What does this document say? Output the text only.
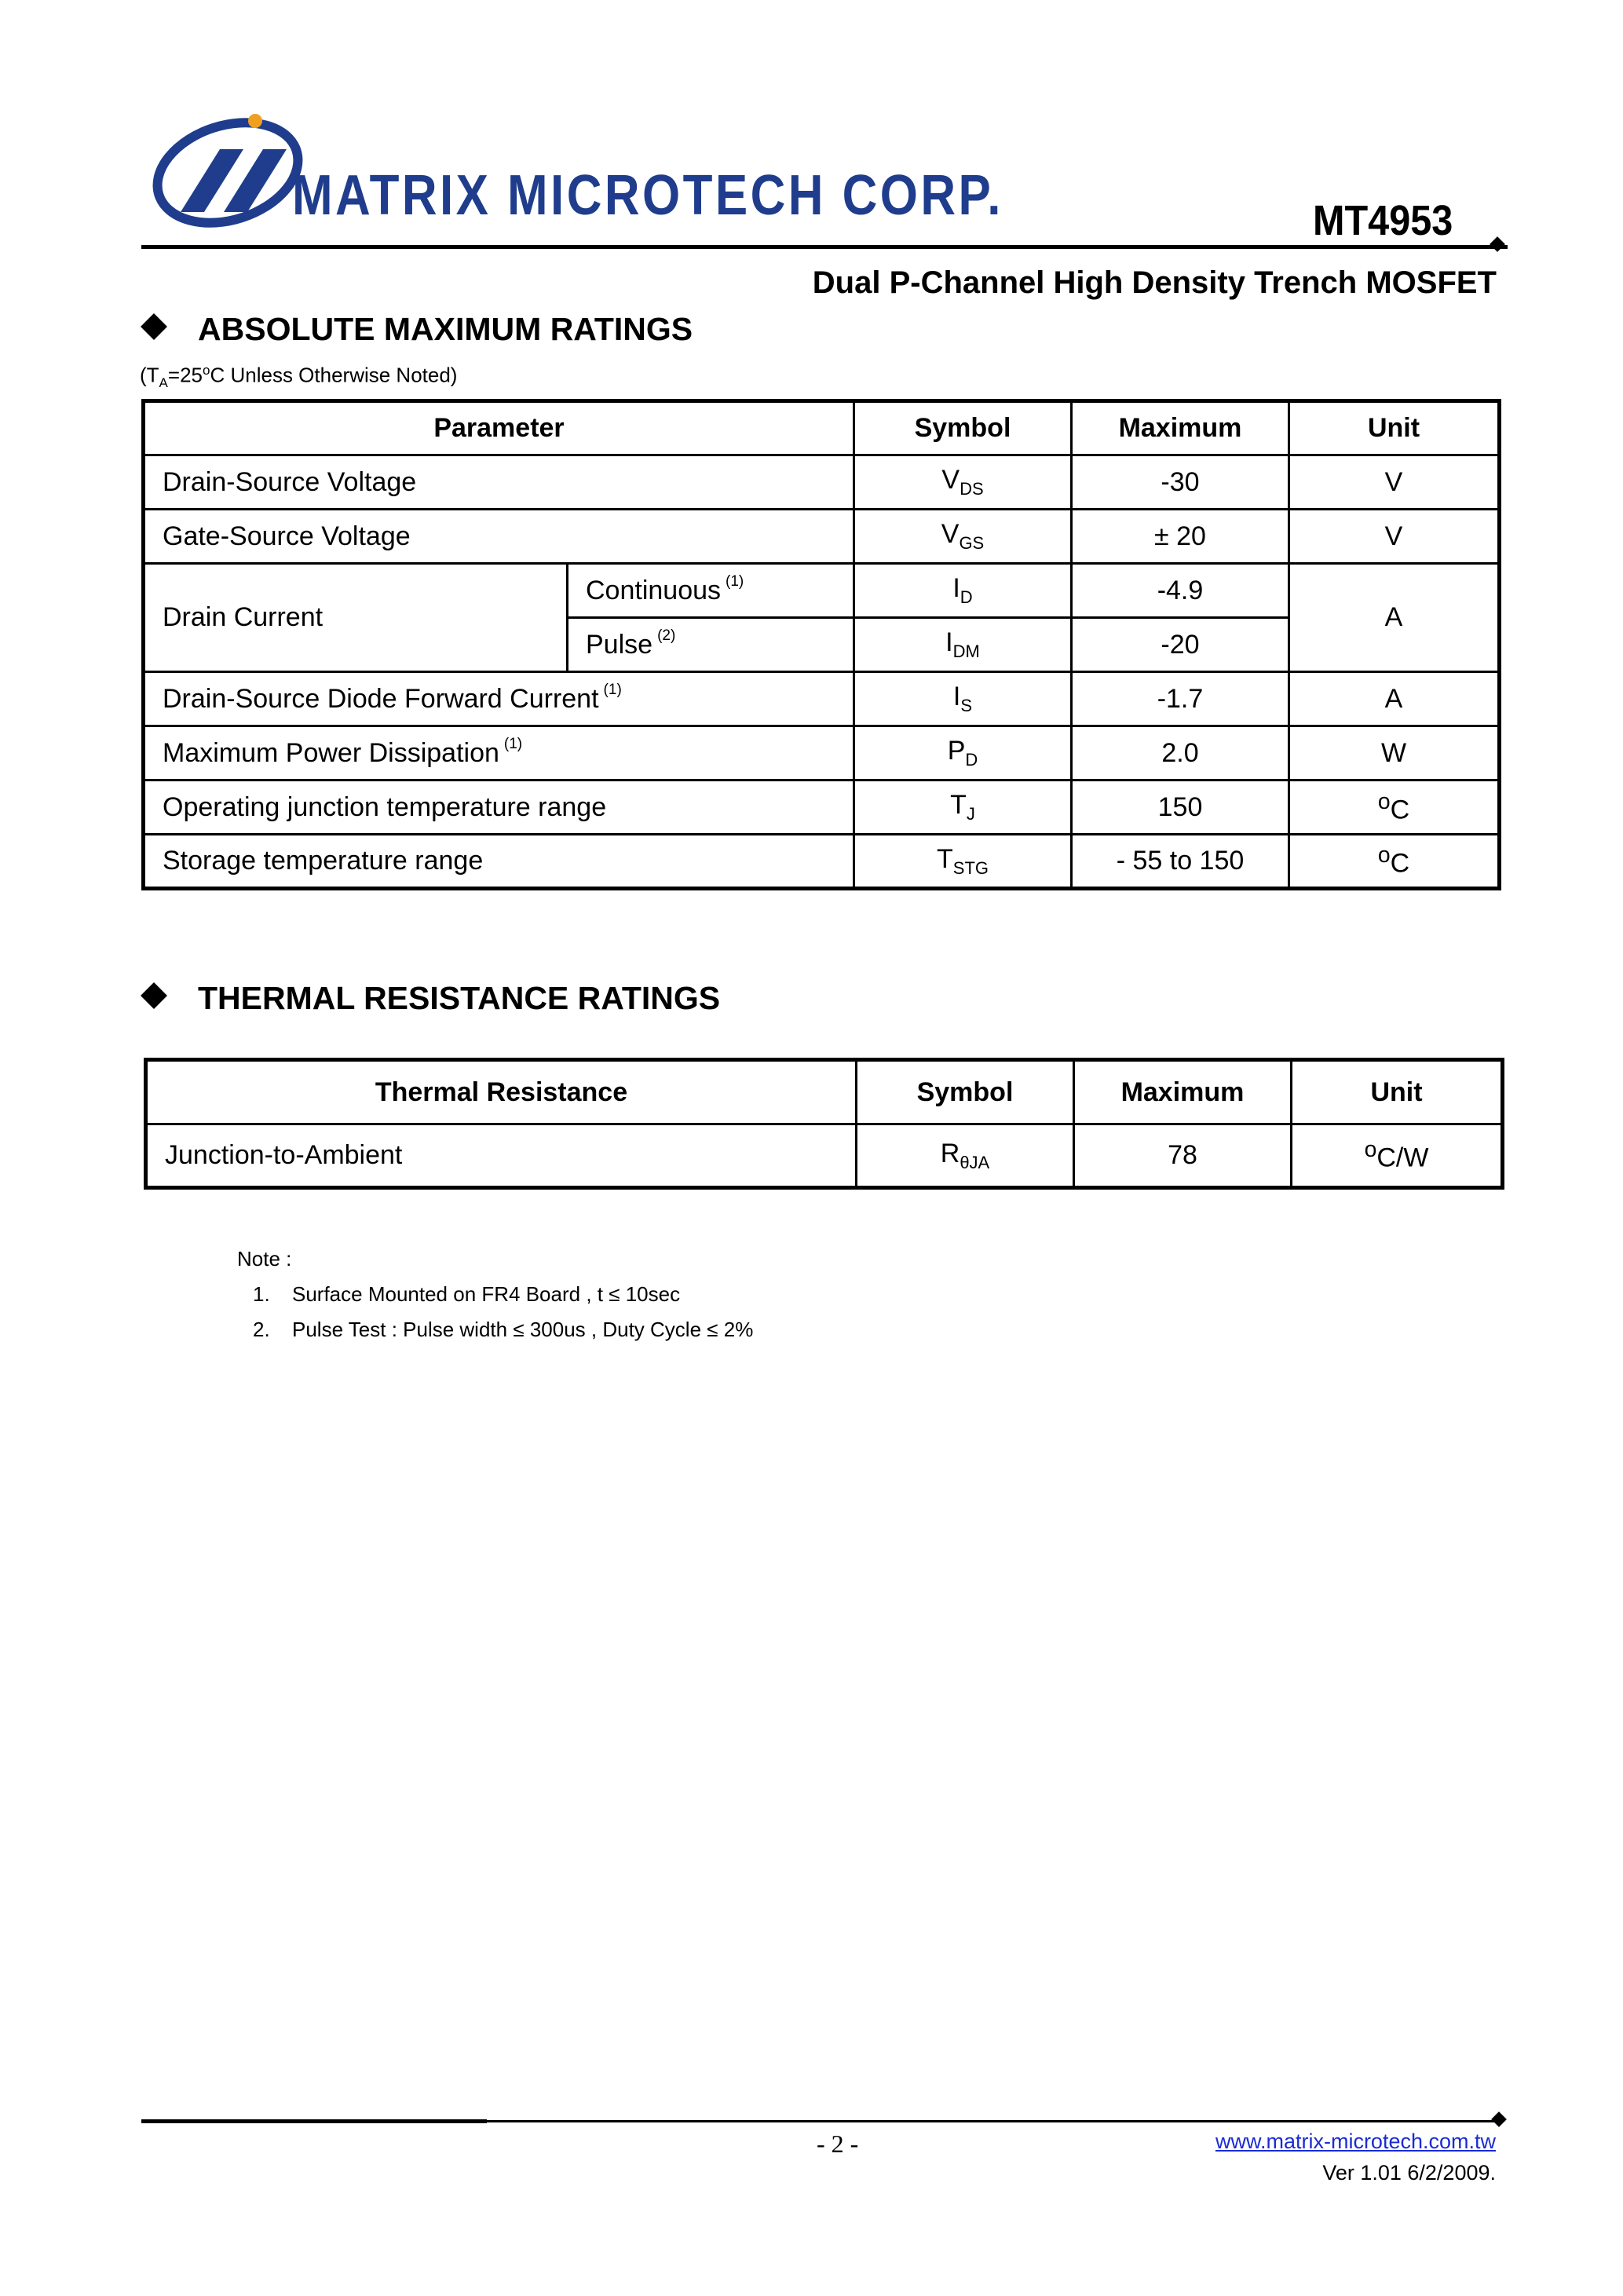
MATRIX MICROTECH CORP.	MT4953
Dual P-Channel High Density Trench MOSFET
ABSOLUTE MAXIMUM RATINGS
($T_A=25^oC$ Unless Otherwise Noted)
Parameter		Symbol	Maximum	Unit
Drain-Source Voltage		$V_{DS}$	-30	V
Gate-Source Voltage		$V_{GS}$	± 20	V
Drain Current	Continuous $^{(1)}$	$I_D$	-4.9	A
	Pulse $^{(2)}$	$I_{DM}$	-20	
Drain-Source Diode Forward Current $^{(1)}$		$I_S$	-1.7	A
Maximum Power Dissipation $^{(1)}$		$P_D$	2.0	W
Operating junction temperature range		$T_J$	150	$^o$C
Storage temperature range		$T_{STG}$	- 55 to 150	$^o$C
THERMAL RESISTANCE RATINGS
Thermal Resistance	Symbol	Maximum	Unit
Junction-to-Ambient	$R_{\theta JA}$	78	$^o$C/W
Note :
1. Surface Mounted on FR4 Board , t ≤ 10sec
2. Pulse Test : Pulse width ≤ 300us , Duty Cycle ≤ 2%
- 2 -	www.matrix-microtech.com.tw
Ver 1.01 6/2/2009.
